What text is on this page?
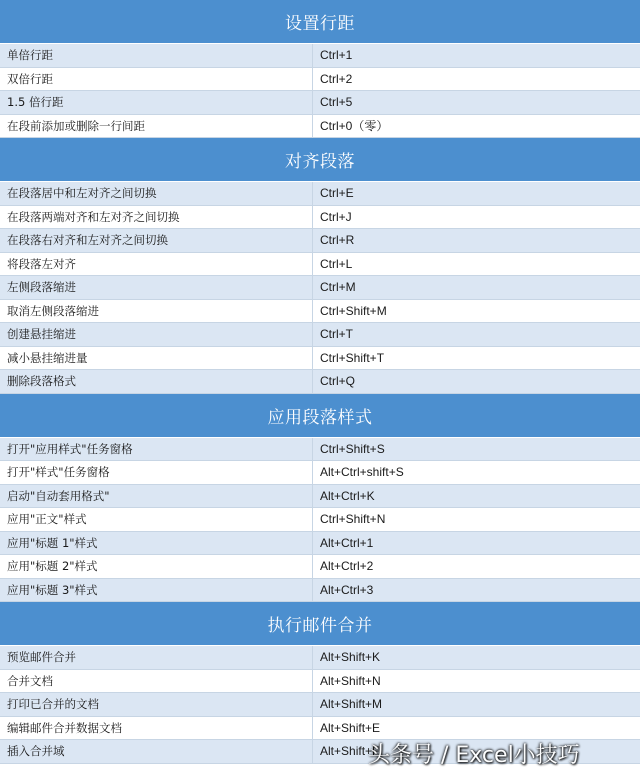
设置行距
单倍行距	Ctrl+1
双倍行距	Ctrl+2
1.5 倍行距	Ctrl+5
在段前添加或删除一行间距	Ctrl+0（零）
对齐段落
在段落居中和左对齐之间切换	Ctrl+E
在段落两端对齐和左对齐之间切换	Ctrl+J
在段落右对齐和左对齐之间切换	Ctrl+R
将段落左对齐	Ctrl+L
左侧段落缩进	Ctrl+M
取消左侧段落缩进	Ctrl+Shift+M
创建悬挂缩进	Ctrl+T
减小悬挂缩进量	Ctrl+Shift+T
删除段落格式	Ctrl+Q
应用段落样式
打开"应用样式"任务窗格	Ctrl+Shift+S
打开"样式"任务窗格	Alt+Ctrl+shift+S
启动"自动套用格式"	Alt+Ctrl+K
应用"正文"样式	Ctrl+Shift+N
应用"标题 1"样式	Alt+Ctrl+1
应用"标题 2"样式	Alt+Ctrl+2
应用"标题 3"样式	Alt+Ctrl+3
执行邮件合并
预览邮件合并	Alt+Shift+K
合并文档	Alt+Shift+N
打印已合并的文档	Alt+Shift+M
编辑邮件合并数据文档	Alt+Shift+E
插入合并域	Alt+Shift+F
头条号 / Excel小技巧
